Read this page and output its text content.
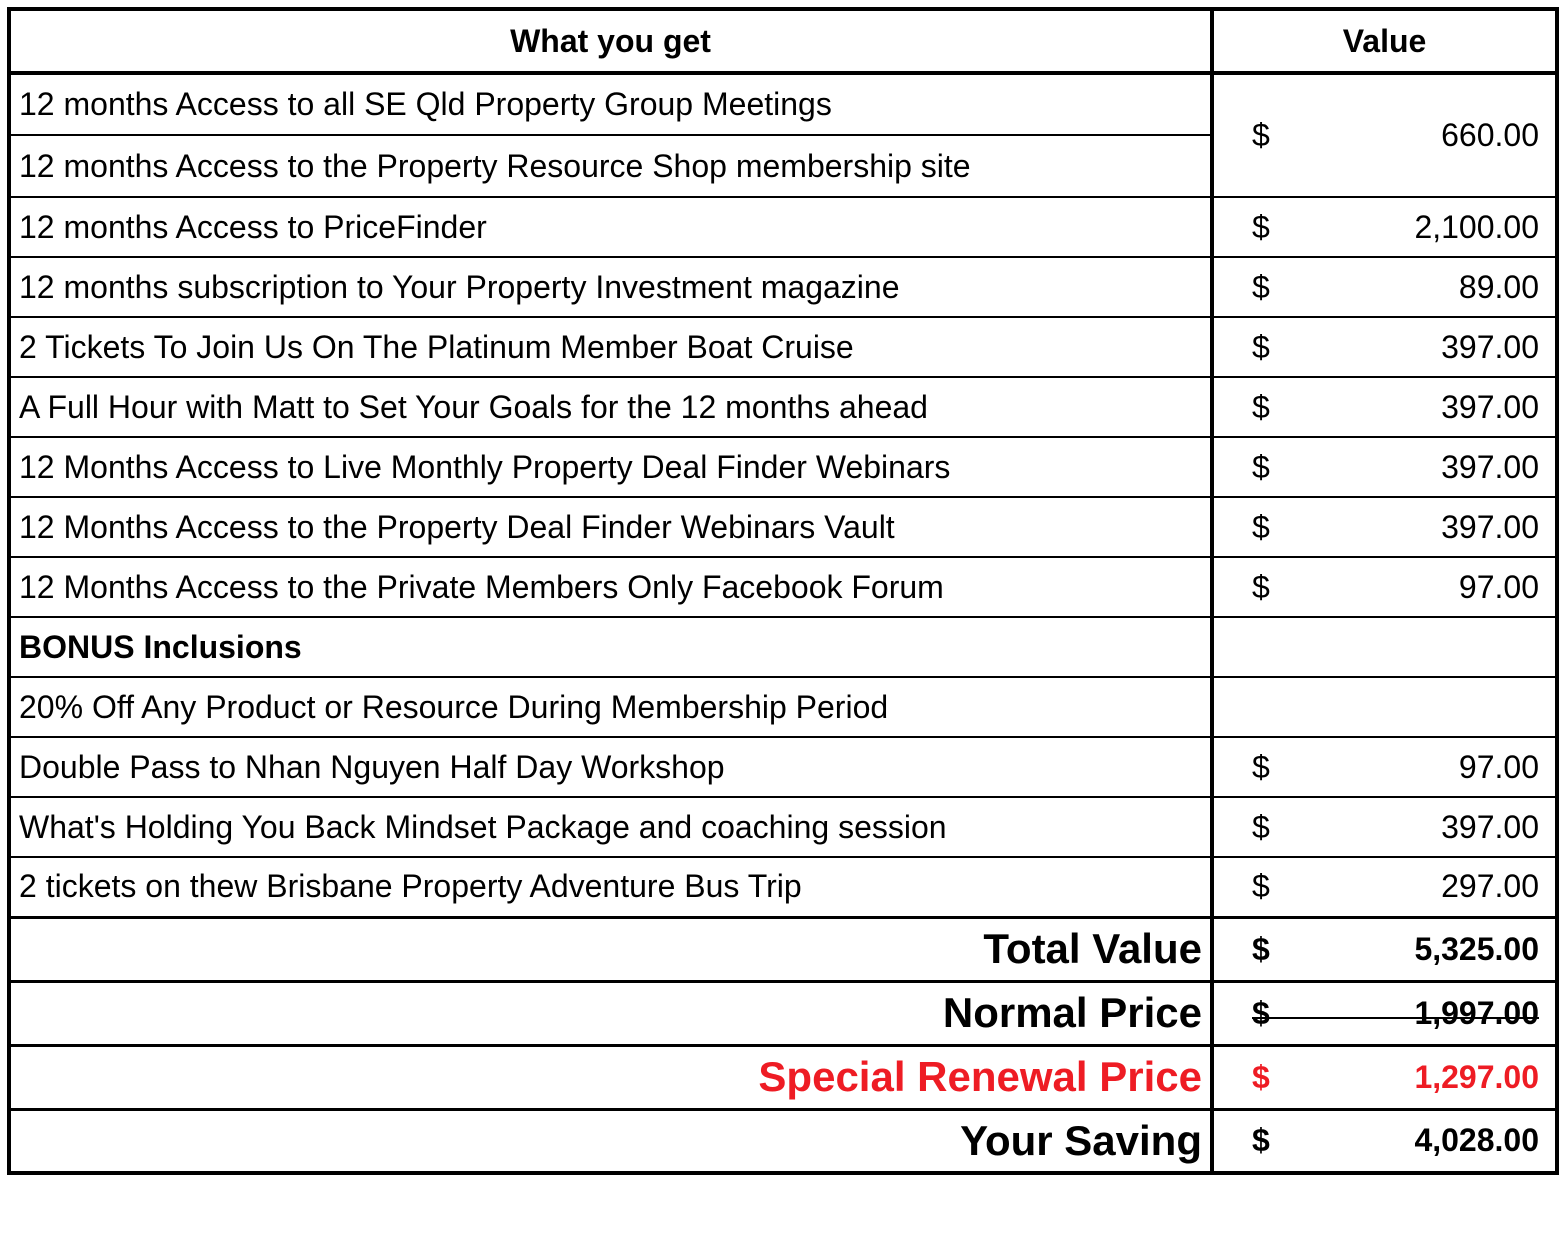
What you get	Value
12 months Access to all SE Qld Property Group Meetings	$ 660.00

12 months Access to the Property Resource Shop membership site	
12 months Access to PriceFinder	$ 2,100.00

12 months subscription to Your Property Investment magazine	$ 89.00

2 Tickets To Join Us On The Platinum Member Boat Cruise	$ 397.00

A Full Hour with Matt to Set Your Goals for the 12 months ahead	$ 397.00

12 Months Access to Live Monthly Property Deal Finder Webinars	$ 397.00

12 Months Access to the Property Deal Finder Webinars Vault	$ 397.00

12 Months Access to the Private Members Only Facebook Forum	$ 97.00

BONUS Inclusions	
20% Off Any Product or Resource During Membership Period	
Double Pass to Nhan Nguyen Half Day Workshop	$ 97.00

What's Holding You Back Mindset Package and coaching session	$ 397.00

2 tickets on thew Brisbane Property Adventure Bus Trip	$ 297.00

Total Value	$ 5,325.00

Normal Price	$ 1,997.00

Special Renewal Price	$ 1,297.00

Your Saving	$ 4,028.00
